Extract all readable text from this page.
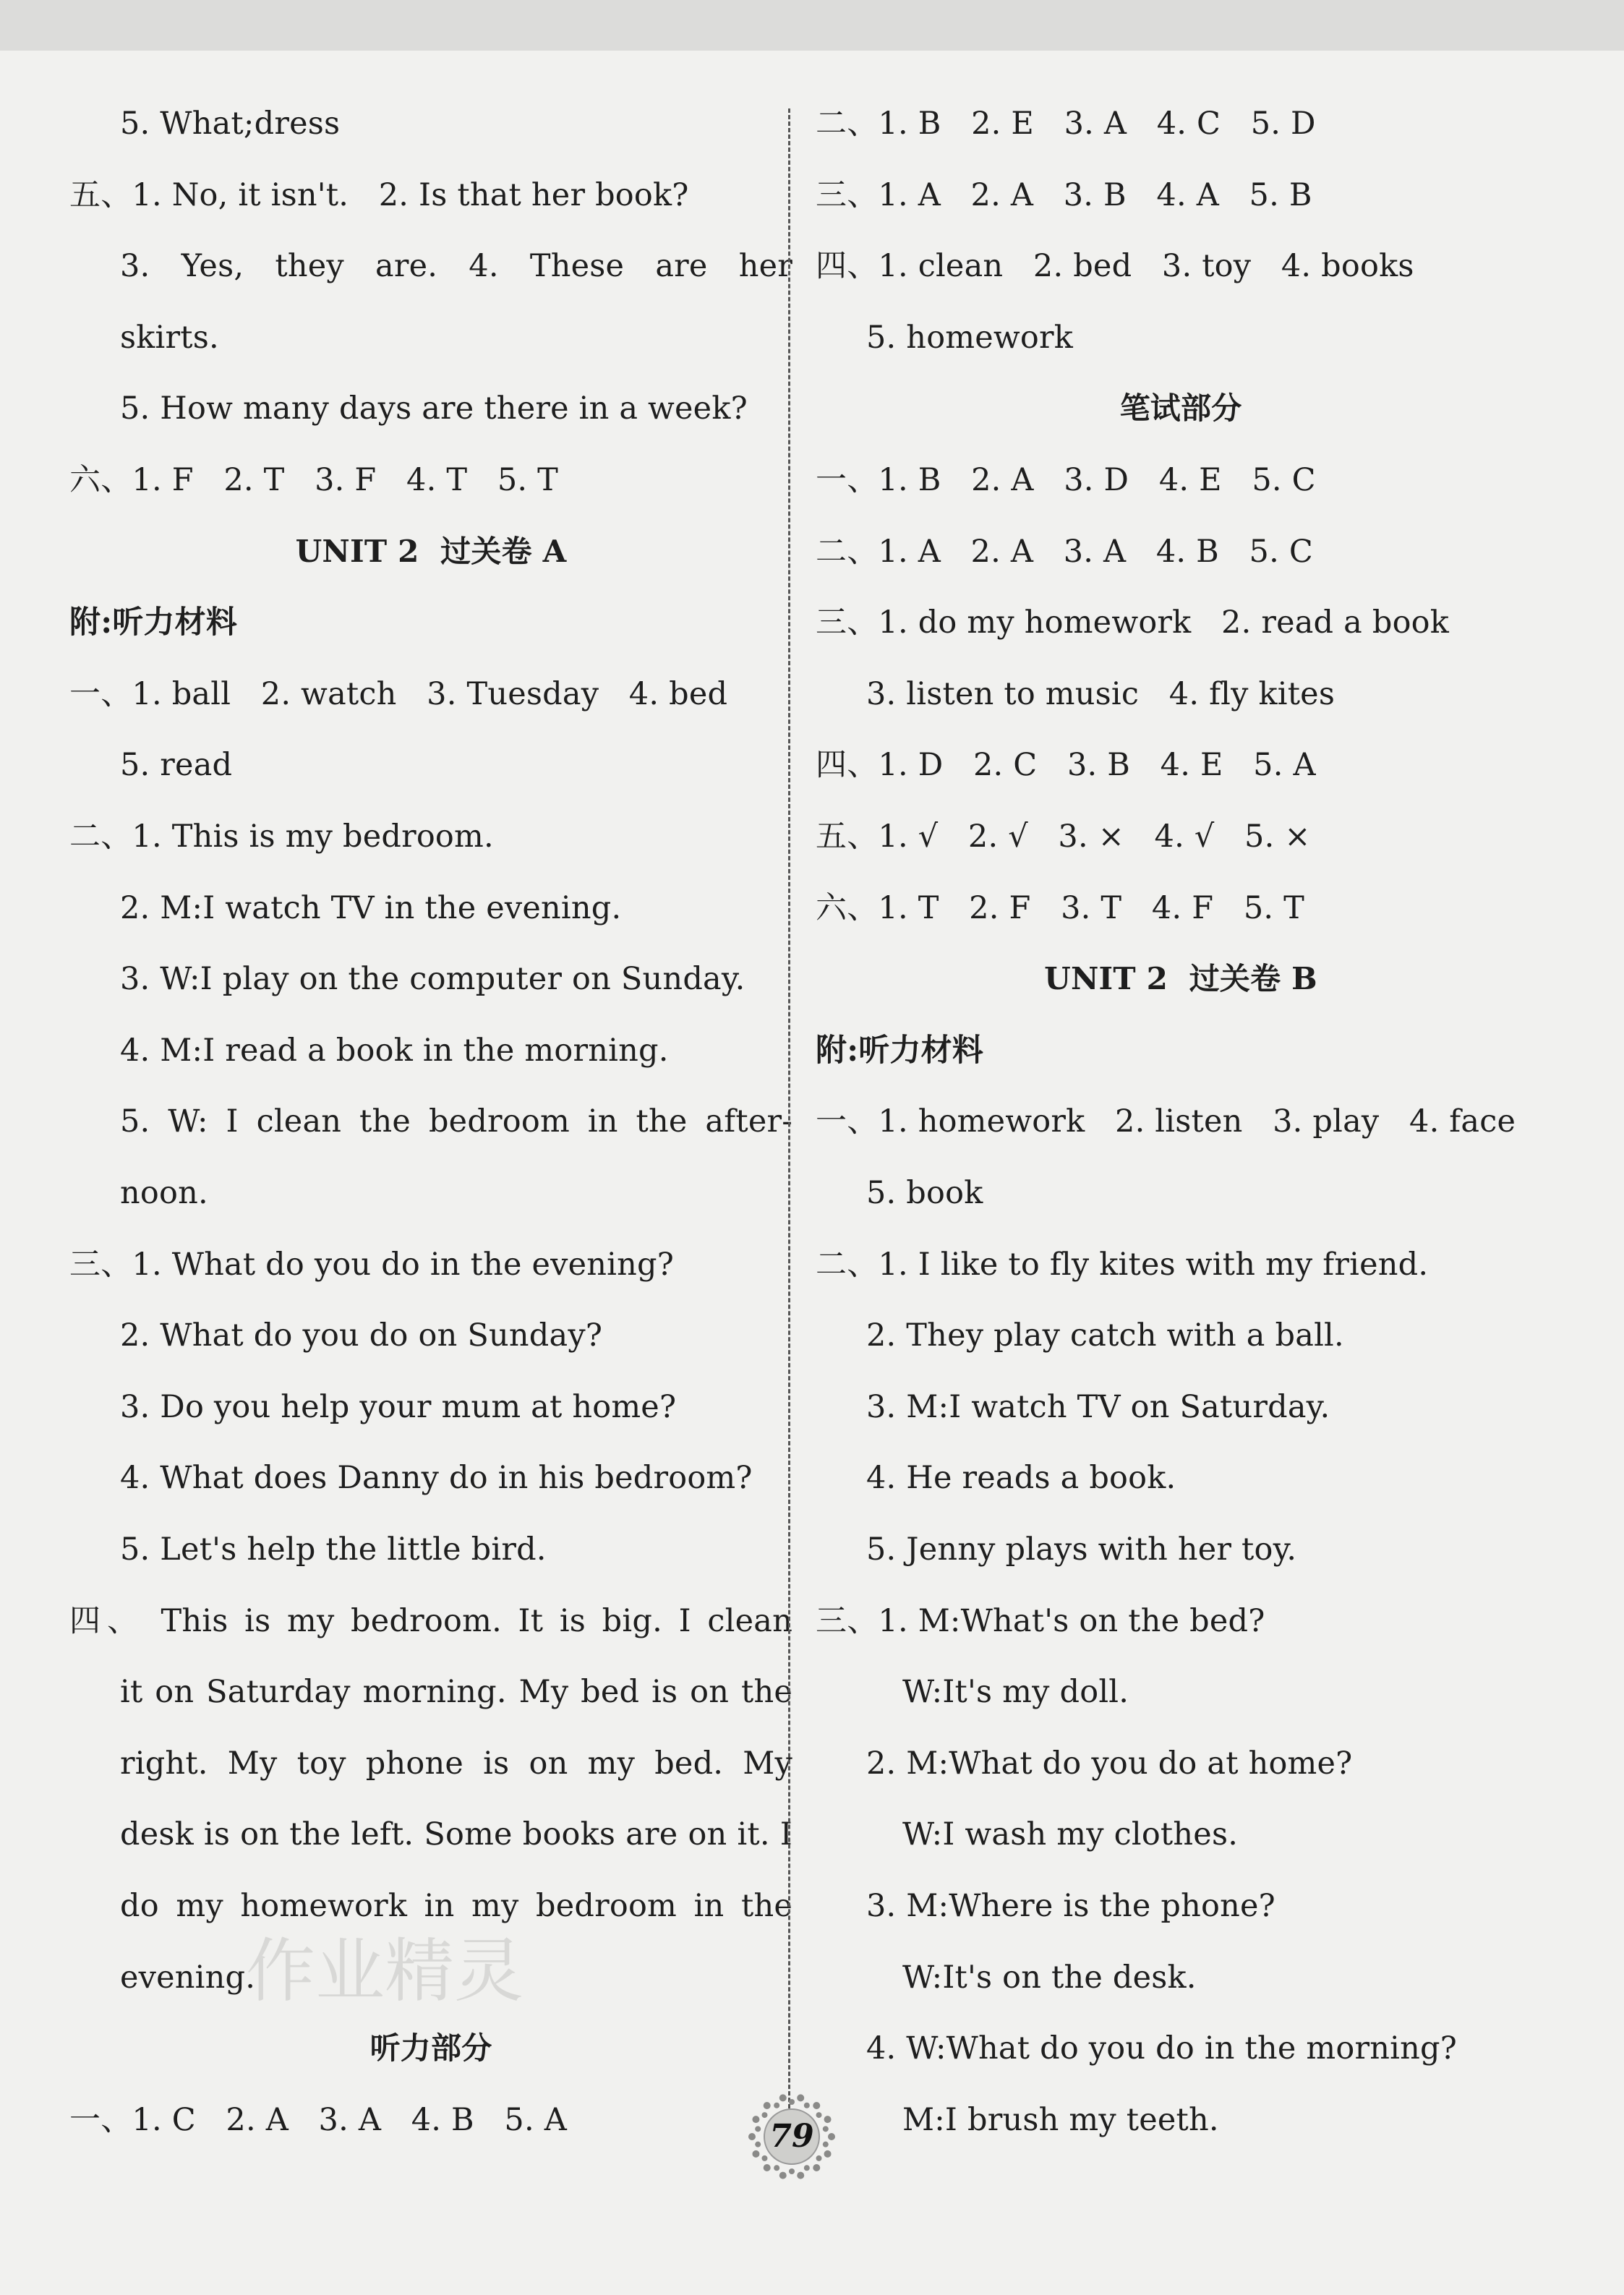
5. What;dress
五、1. No, it isn't.   2. Is that her book?
3. Yes, they are. 4. These are her
skirts.
5. How many days are there in a week?
六、1. F   2. T   3. F   4. T   5. T
UNIT 2  过关卷 A
附:听力材料
一、1. ball   2. watch   3. Tuesday   4. bed
5. read
二、1. This is my bedroom.
2. M:I watch TV in the evening.
3. W:I play on the computer on Sunday.
4. M:I read a book in the morning.
5. W: I clean the bedroom in the after-
noon.
三、1. What do you do in the evening?
2. What do you do on Sunday?
3. Do you help your mum at home?
4. What does Danny do in his bedroom?
5. Let's help the little bird.
四、 This is my bedroom. It is big. I clean
it on Saturday morning. My bed is on the
right. My toy phone is on my bed. My
desk is on the left. Some books are on it. I
do my homework in my bedroom in the
evening.
听力部分
一、1. C   2. A   3. A   4. B   5. A
二、1. B   2. E   3. A   4. C   5. D
三、1. A   2. A   3. B   4. A   5. B
四、1. clean   2. bed   3. toy   4. books
5. homework
笔试部分
一、1. B   2. A   3. D   4. E   5. C
二、1. A   2. A   3. A   4. B   5. C
三、1. do my homework   2. read a book
3. listen to music   4. fly kites
四、1. D   2. C   3. B   4. E   5. A
五、1. √   2. √   3. ×   4. √   5. ×
六、1. T   2. F   3. T   4. F   5. T
UNIT 2  过关卷 B
附:听力材料
一、1. homework   2. listen   3. play   4. face
5. book
二、1. I like to fly kites with my friend.
2. They play catch with a ball.
3. M:I watch TV on Saturday.
4. He reads a book.
5. Jenny plays with her toy.
三、1. M:What's on the bed?
W:It's my doll.
2. M:What do you do at home?
W:I wash my clothes.
3. M:Where is the phone?
W:It's on the desk.
4. W:What do you do in the morning?
M:I brush my teeth.
作业精灵
79
